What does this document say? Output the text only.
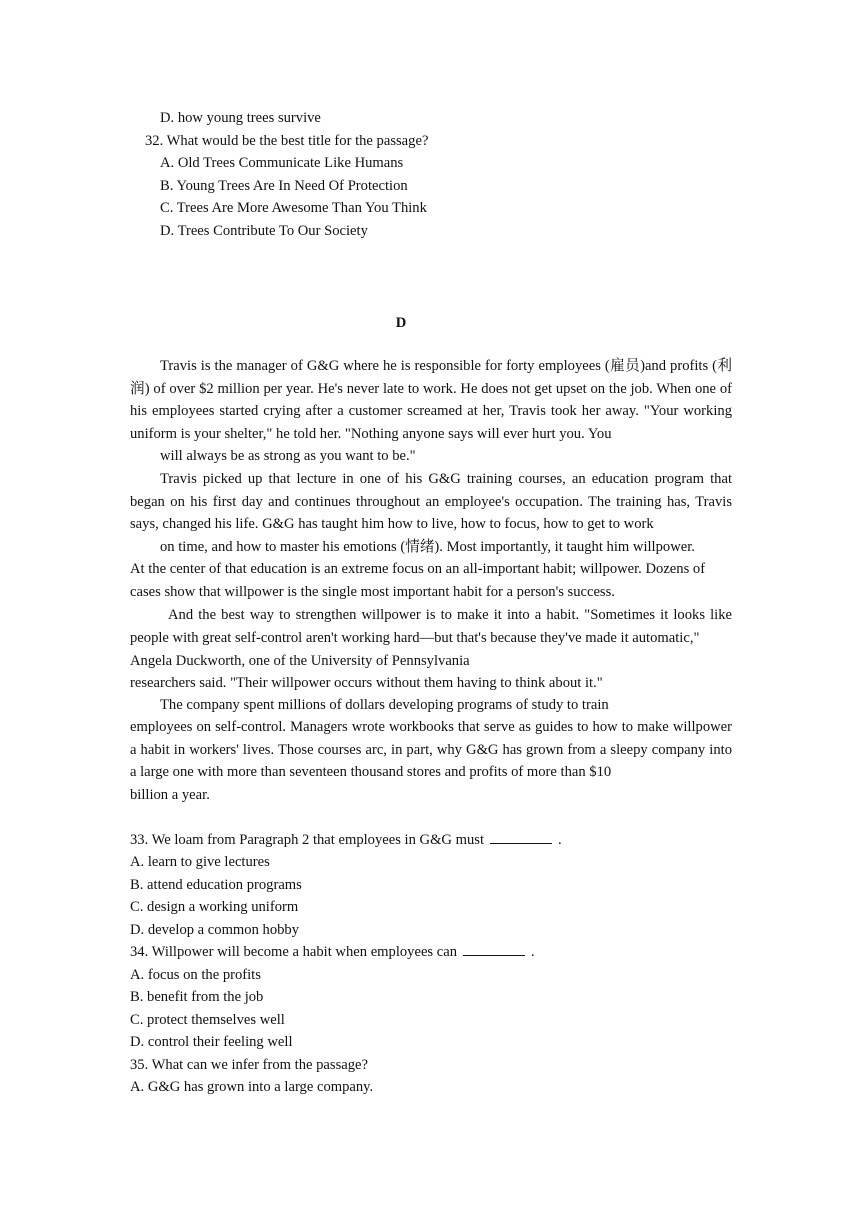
D. how young trees survive
32. What would be the best title for the passage?
A. Old Trees Communicate Like Humans
B. Young Trees Are In Need Of Protection
C. Trees Are More Awesome Than You Think
D. Trees Contribute To Our Society
D
Travis is the manager of G&G where he is responsible for forty employees (雇员)and profits (利润) of over $2 million per year. He's never late to work. He does not get upset on the job. When one of his employees started crying after a customer screamed at her, Travis took her away. "Your working uniform is your shelter," he told her. "Nothing anyone says will ever hurt you. You
will always be as strong as you want to be."
Travis picked up that lecture in one of his G&G training courses, an education program that began on his first day and continues throughout an employee's occupation. The training has, Travis says, changed his life. G&G has taught him how to live, how to focus, how to get to work
on time, and how to master his emotions (情绪). Most importantly, it taught him willpower.
At the center of that education is an extreme focus on an all-important habit; willpower. Dozens of
cases show that willpower is the single most important habit for a person's success.
And the best way to strengthen willpower is to make it into a habit. "Sometimes it looks like people with great self-control aren't working hard—but that's because they've made it automatic,"
Angela Duckworth, one of the University of Pennsylvania
researchers said. "Their willpower occurs without them having to think about it."
The company spent millions of dollars developing programs of study to train
employees on self-control. Managers wrote workbooks that serve as guides to how to make willpower a habit in workers' lives. Those courses arc, in part, why G&G has grown from a sleepy company into a large one with more than seventeen thousand stores and profits of more than $10
billion a year.
33. We loam from Paragraph 2 that employees in G&G must	.
A. learn to give lectures
B. attend education programs
C. design a working uniform
D. develop a common hobby
34. Willpower will become a habit when employees can	.
A. focus on the profits
B. benefit from the job
C. protect themselves well
D. control their feeling well
35. What can we infer from the passage?
A. G&G has grown into a large company.
